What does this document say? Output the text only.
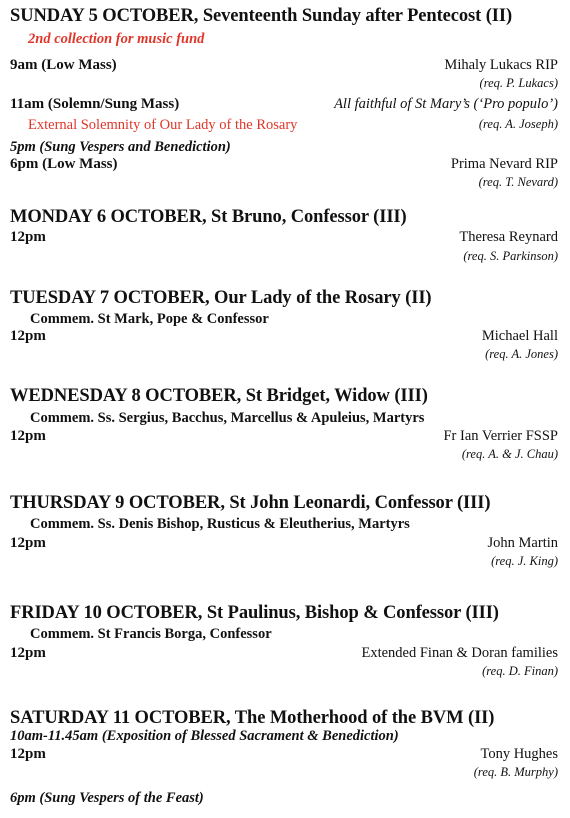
SUNDAY 5 OCTOBER, Seventeenth Sunday after Pentecost (II)
2nd collection for music fund
9am (Low Mass)	Mihaly Lukacs RIP
(req. P. Lukacs)
11am (Solemn/Sung Mass)	All faithful of St Mary’s (‘Pro populo’)
External Solemnity of Our Lady of the Rosary	(req. A. Joseph)
5pm (Sung Vespers and Benediction)
6pm (Low Mass)	Prima Nevard RIP
(req. T. Nevard)
MONDAY 6 OCTOBER, St Bruno, Confessor (III)
12pm	Theresa Reynard
(req. S. Parkinson)
TUESDAY 7 OCTOBER, Our Lady of the Rosary (II)
Commem. St Mark, Pope & Confessor
12pm	Michael Hall
(req. A. Jones)
WEDNESDAY 8 OCTOBER, St Bridget, Widow (III)
Commem. Ss. Sergius, Bacchus, Marcellus & Apuleius, Martyrs
12pm	Fr Ian Verrier FSSP
(req. A. & J. Chau)
THURSDAY 9 OCTOBER, St John Leonardi, Confessor (III)
Commem. Ss. Denis Bishop, Rusticus & Eleutherius, Martyrs
12pm	John Martin
(req. J. King)
FRIDAY 10 OCTOBER, St Paulinus, Bishop & Confessor (III)
Commem. St Francis Borga, Confessor
12pm	Extended Finan & Doran families
(req. D. Finan)
SATURDAY 11 OCTOBER, The Motherhood of the BVM (II)
10am-11.45am (Exposition of Blessed Sacrament & Benediction)
12pm	Tony Hughes
(req. B. Murphy)
6pm (Sung Vespers of the Feast)
